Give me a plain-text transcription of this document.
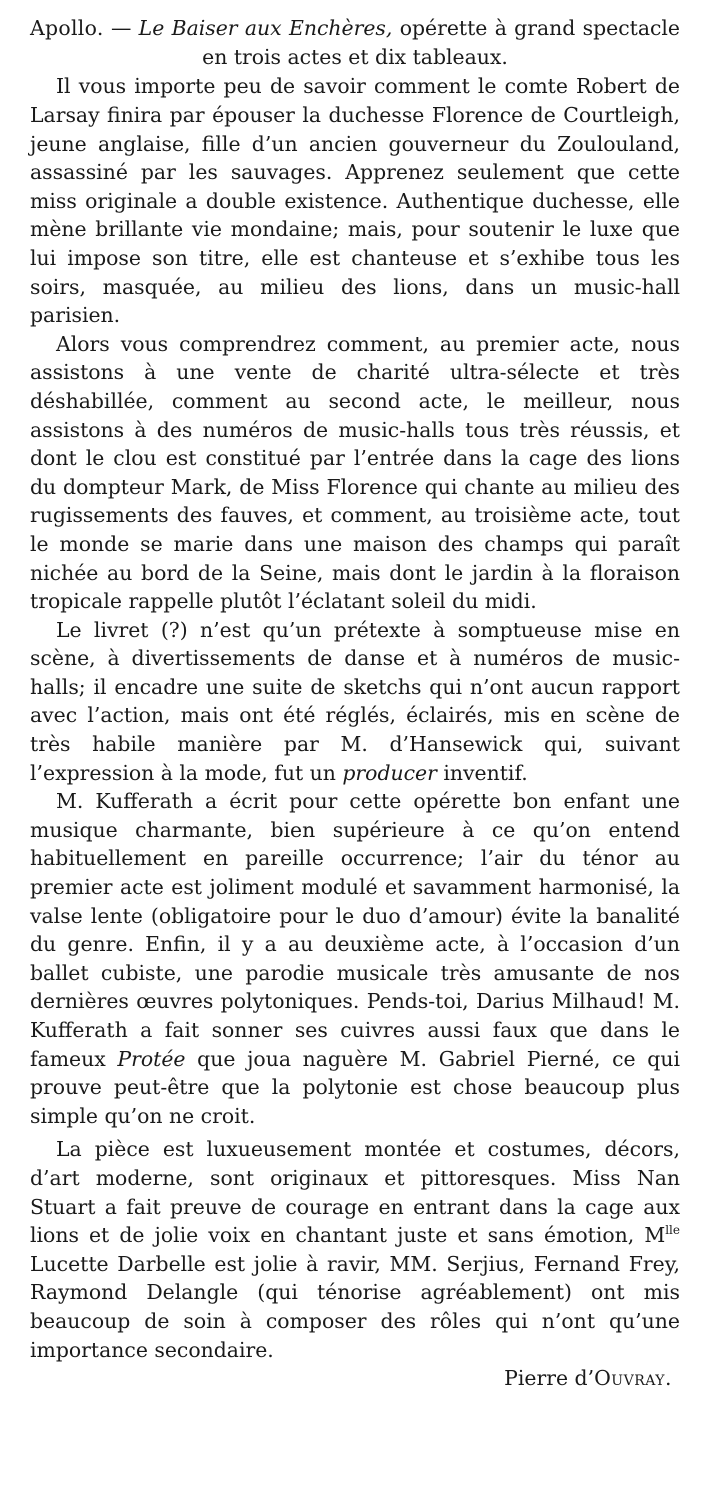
Apollo. — Le Baiser aux Enchères, opérette à grand spectacle en trois actes et dix tableaux.

Il vous importe peu de savoir comment le comte Robert de Larsay finira par épouser la duchesse Florence de Courtleigh, jeune anglaise, fille d’un ancien gouverneur du Zoulouland, assassiné par les sauvages. Apprenez seulement que cette miss originale a double existence. Authentique duchesse, elle mène brillante vie mondaine; mais, pour soutenir le luxe que lui impose son titre, elle est chanteuse et s’exhibe tous les soirs, masquée, au milieu des lions, dans un music-hall parisien.

Alors vous comprendrez comment, au premier acte, nous assistons à une vente de charité ultra-sélecte et très déshabillée, comment au second acte, le meilleur, nous assistons à des numéros de music-halls tous très réussis, et dont le clou est constitué par l’entrée dans la cage des lions du dompteur Mark, de Miss Florence qui chante au milieu des rugissements des fauves, et comment, au troisième acte, tout le monde se marie dans une maison des champs qui paraît nichée au bord de la Seine, mais dont le jardin à la floraison tropicale rappelle plutôt l’éclatant soleil du midi.

Le livret (?) n’est qu’un prétexte à somptueuse mise en scène, à divertissements de danse et à numéros de music-halls; il encadre une suite de sketchs qui n’ont aucun rapport avec l’action, mais ont été réglés, éclairés, mis en scène de très habile manière par M. d’Hansewick qui, suivant l’expression à la mode, fut un producer inventif.

M. Kufferath a écrit pour cette opérette bon enfant une musique charmante, bien supérieure à ce qu’on entend habituellement en pareille occurrence; l’air du ténor au premier acte est joliment modulé et savamment harmonisé, la valse lente (obligatoire pour le duo d’amour) évite la banalité du genre. Enfin, il y a au deuxième acte, à l’occasion d’un ballet cubiste, une parodie musicale très amusante de nos dernières œuvres polytoniques. Pends-toi, Darius Milhaud! M. Kufferath a fait sonner ses cuivres aussi faux que dans le fameux Protée que joua naguère M. Gabriel Pierné, ce qui prouve peut-être que la polytonie est chose beaucoup plus simple qu’on ne croit.

La pièce est luxueusement montée et costumes, décors, d’art moderne, sont originaux et pittoresques. Miss Nan Stuart a fait preuve de courage en entrant dans la cage aux lions et de jolie voix en chantant juste et sans émotion, $M^{lle}$ Lucette Darbelle est jolie à ravir, MM. Serjius, Fernand Frey, Raymond Delangle (qui ténorise agréablement) ont mis beaucoup de soin à composer des rôles qui n’ont qu’une importance secondaire.

Pierre d’Ouvray.
